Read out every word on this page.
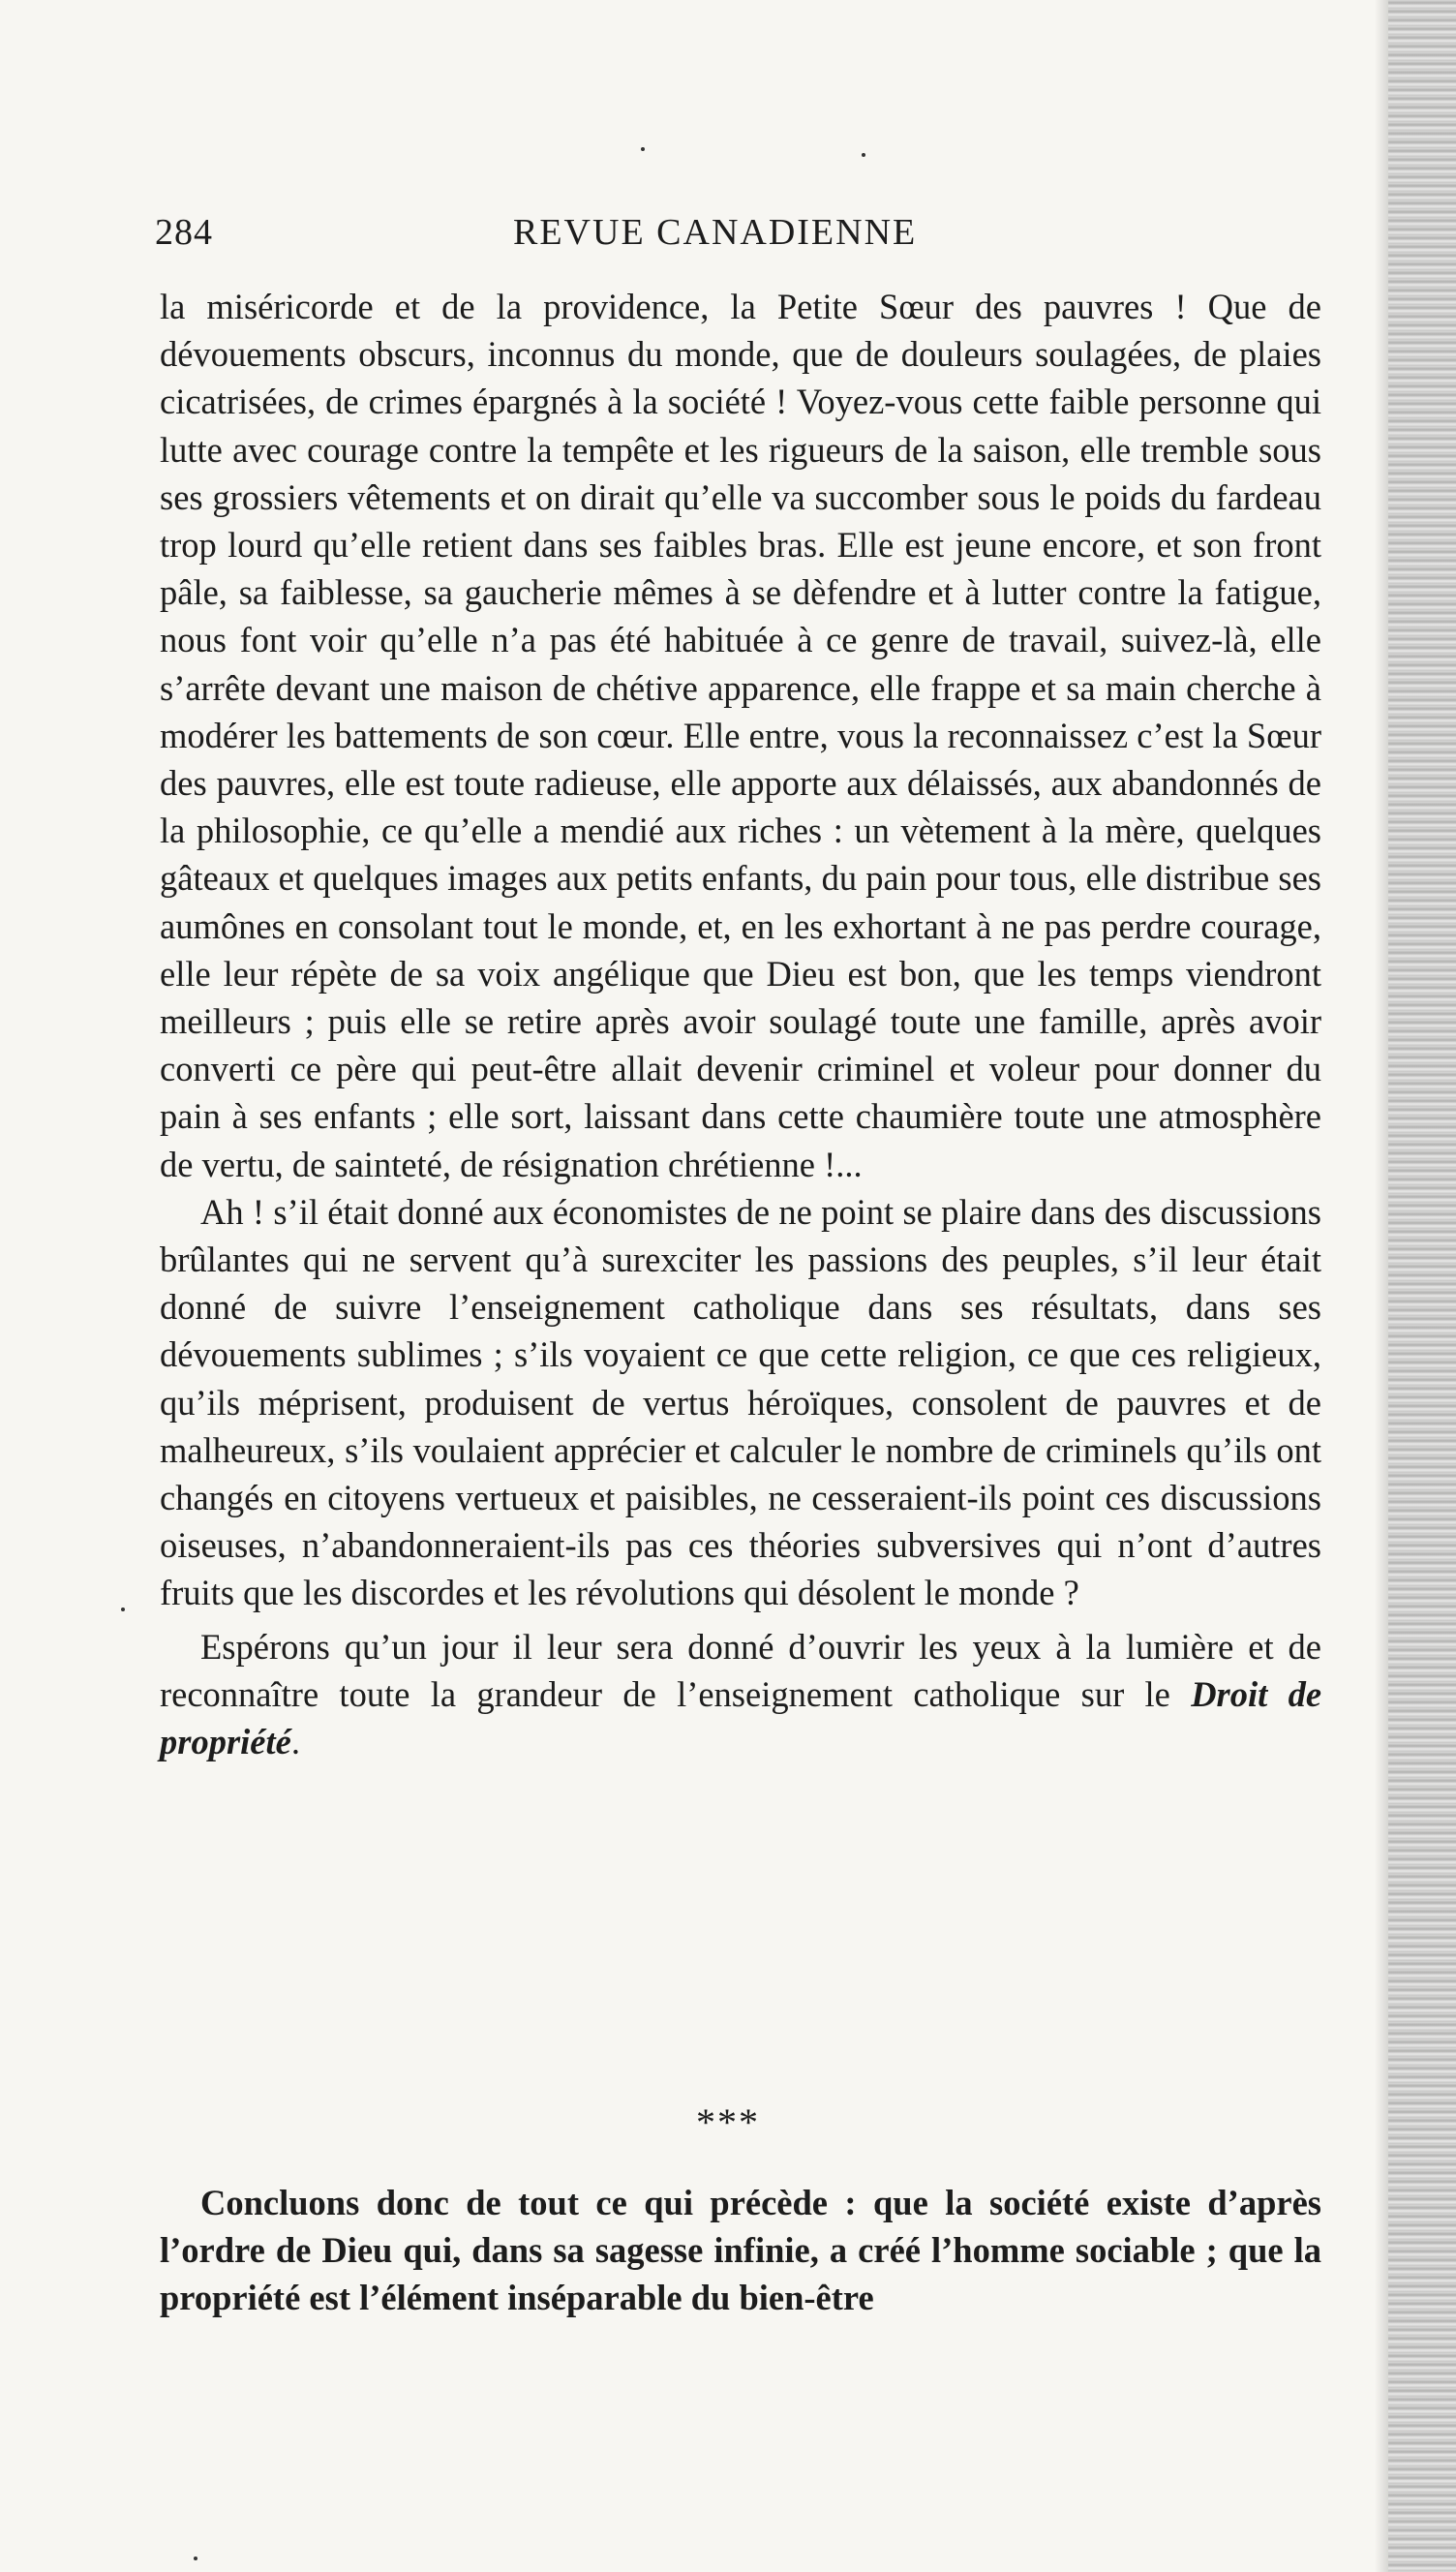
284	REVUE CANADIENNE

la miséricorde et de la providence, la Petite Sœur des pauvres ! Que de dévouements obscurs, inconnus du monde, que de douleurs soulagées, de plaies cicatrisées, de crimes épargnés à la société ! Voyez-vous cette faible personne qui lutte avec courage contre la tempête et les rigueurs de la saison, elle tremble sous ses grossiers vêtements et on dirait qu’elle va succomber sous le poids du fardeau trop lourd qu’elle retient dans ses faibles bras. Elle est jeune encore, et son front pâle, sa faiblesse, sa gaucherie mêmes à se dèfendre et à lutter contre la fatigue, nous font voir qu’elle n’a pas été habituée à ce genre de travail, suivez-là, elle s’arrête devant une maison de chétive apparence, elle frappe et sa main cherche à modérer les battements de son cœur. Elle entre, vous la reconnaissez c’est la Sœur des pauvres, elle est toute radieuse, elle apporte aux délaissés, aux abandonnés de la philosophie, ce qu’elle a mendié aux riches : un vètement à la mère, quelques gâteaux et quelques images aux petits enfants, du pain pour tous, elle distribue ses aumônes en consolant tout le monde, et, en les exhortant à ne pas perdre courage, elle leur répète de sa voix angélique que Dieu est bon, que les temps viendront meilleurs ; puis elle se retire après avoir soulagé toute une famille, après avoir converti ce père qui peut-être allait devenir criminel et voleur pour donner du pain à ses enfants ; elle sort, laissant dans cette chaumière toute une atmosphère de vertu, de sainteté, de résignation chrétienne !...

Ah ! s’il était donné aux économistes de ne point se plaire dans des discussions brûlantes qui ne servent qu’à surexciter les passions des peuples, s’il leur était donné de suivre l’enseignement catholique dans ses résultats, dans ses dévouements sublimes ; s’ils voyaient ce que cette religion, ce que ces religieux, qu’ils méprisent, produisent de vertus héroïques, consolent de pauvres et de malheureux, s’ils voulaient apprécier et calculer le nombre de criminels qu’ils ont changés en citoyens vertueux et paisibles, ne cesseraient-ils point ces discussions oiseuses, n’abandonneraient-ils pas ces théories subversives qui n’ont d’autres fruits que les discordes et les révolutions qui désolent le monde ?

Espérons qu’un jour il leur sera donné d’ouvrir les yeux à la lumière et de reconnaître toute la grandeur de l’enseignement catholique sur le Droit de propriété.

***

Concluons donc de tout ce qui précède : que la société existe d’après l’ordre de Dieu qui, dans sa sagesse infinie, a créé l’homme sociable ; que la propriété est l’élément inséparable du bien-être
